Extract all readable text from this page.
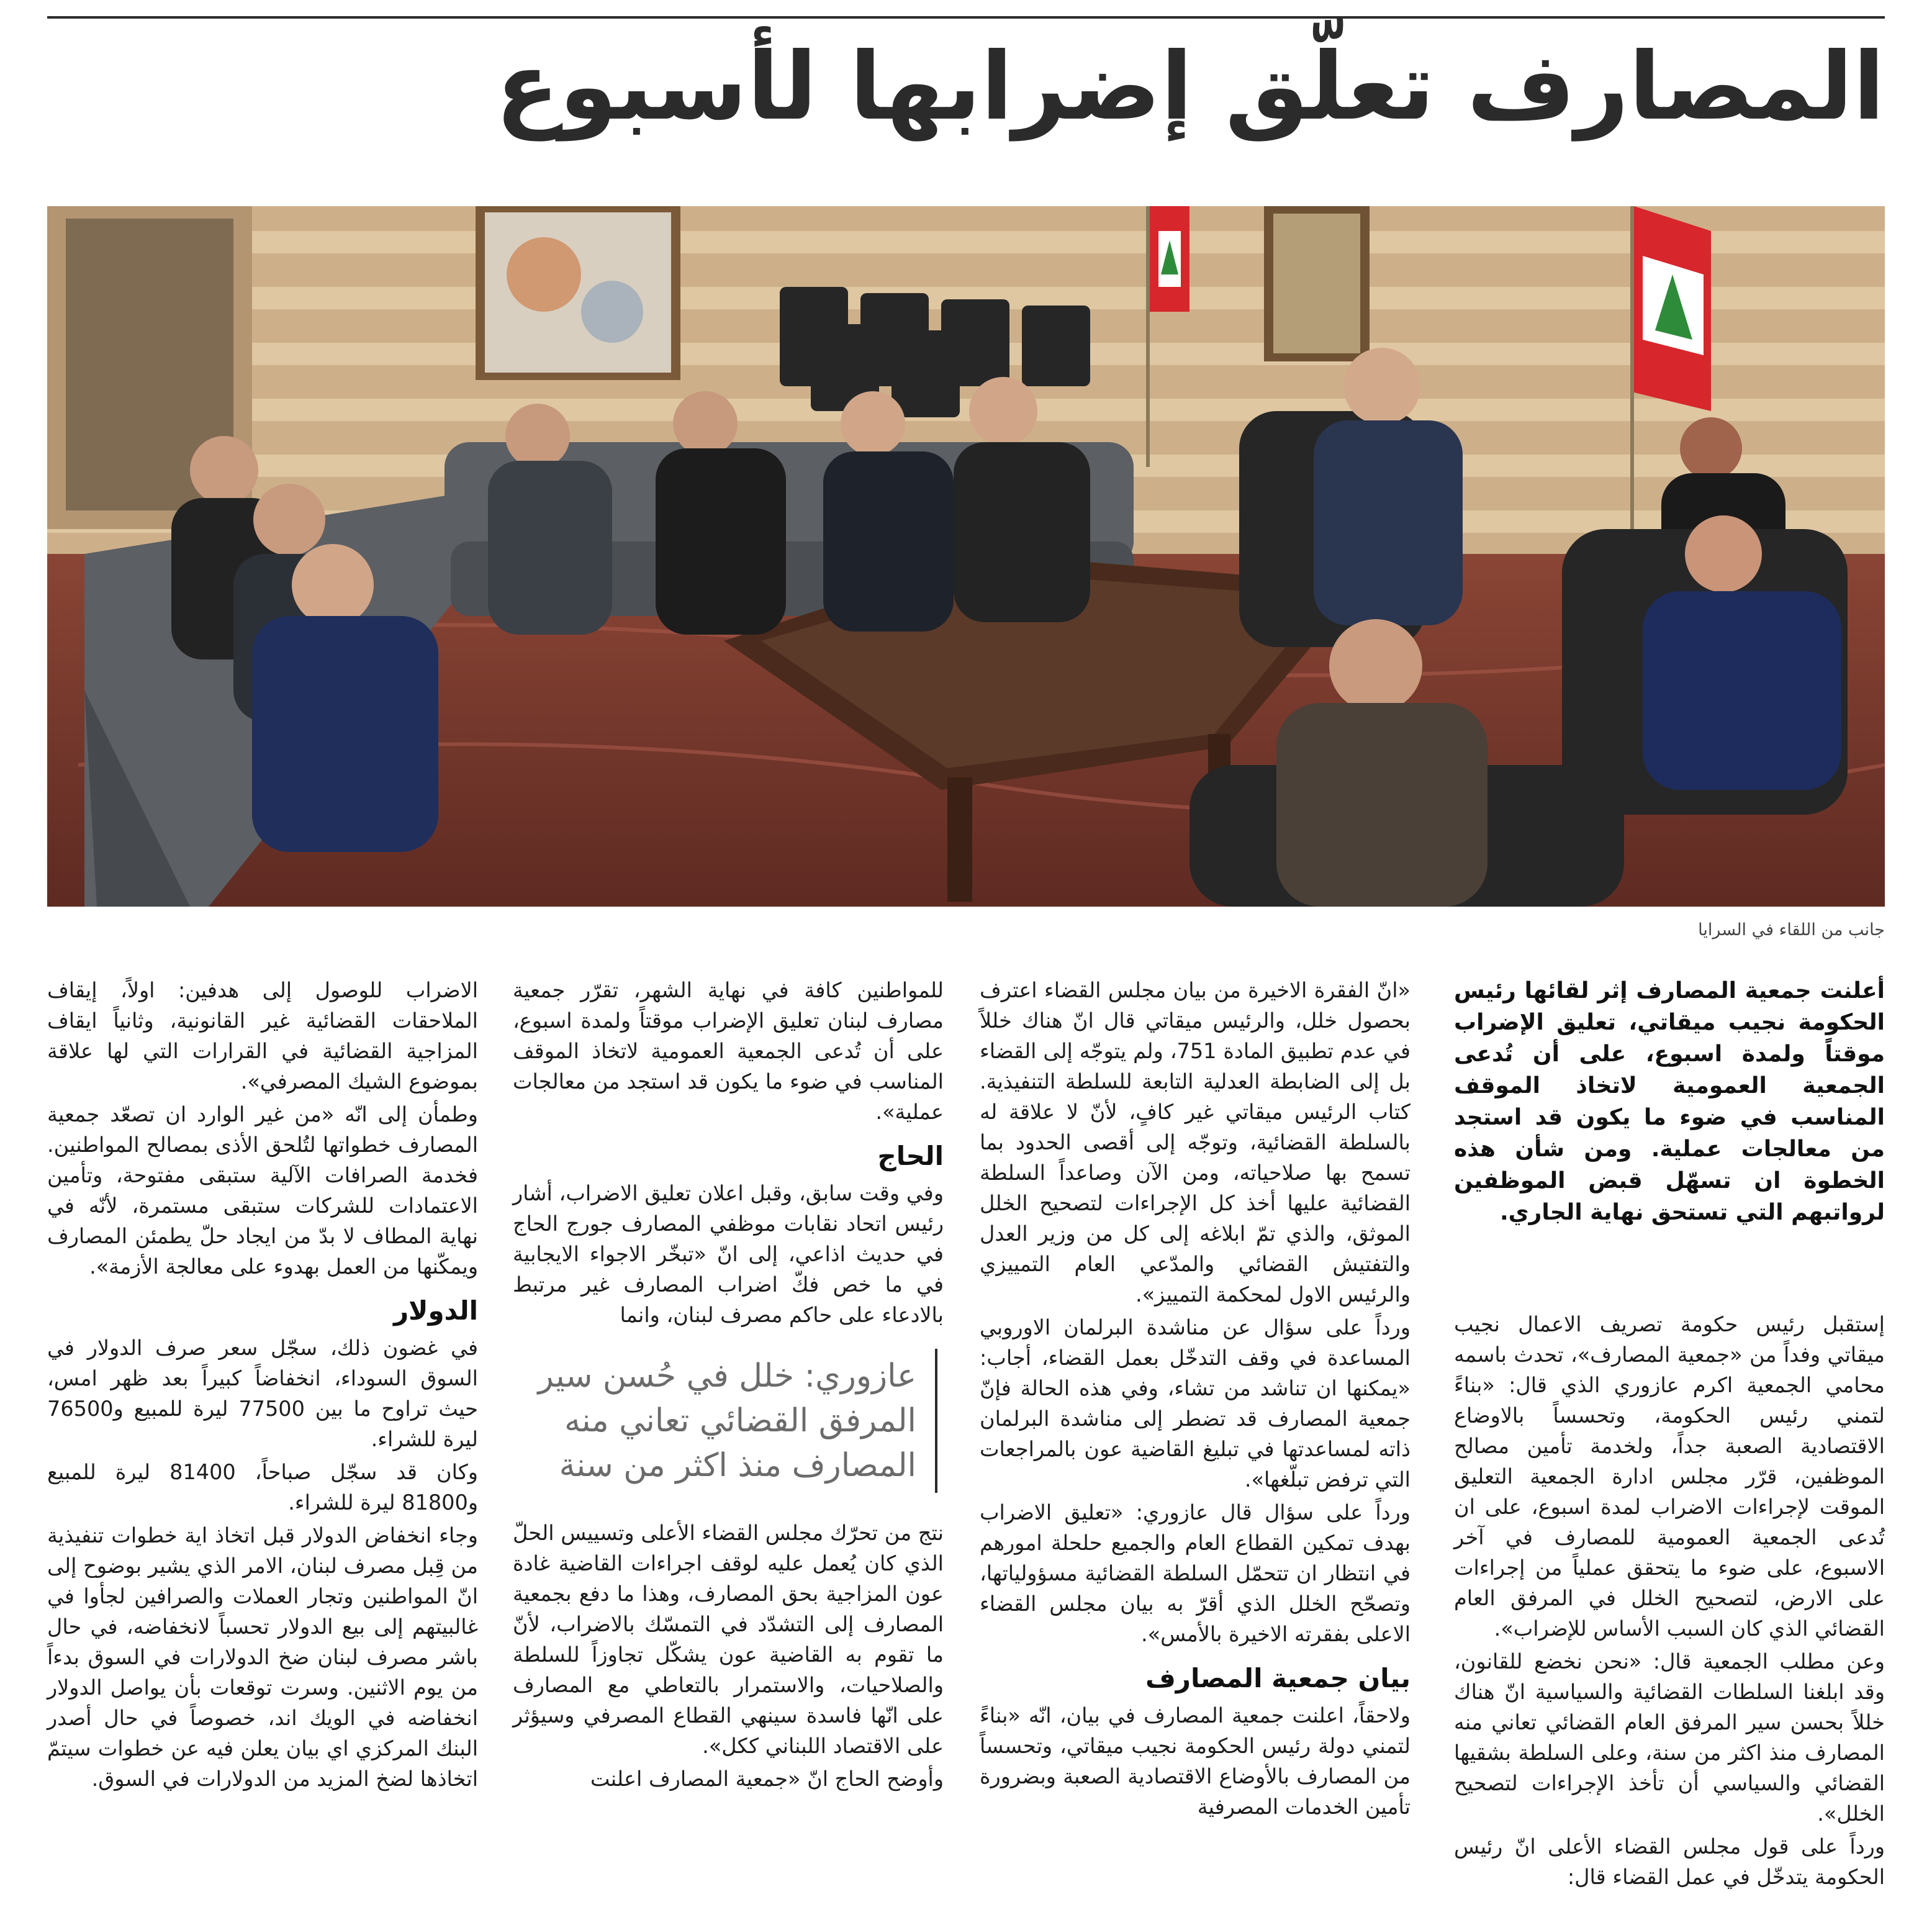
المصارف تعلّق إضرابها لأسبوع
جانب من اللقاء في السرايا

أعلنت جمعية المصارف إثر لقائها رئيس الحكومة نجيب ميقاتي، تعليق الإضراب موقتاً ولمدة اسبوع، على أن تُدعى الجمعية العمومية لاتخاذ الموقف المناسب في ضوء ما يكون قد استجد من معالجات عملية. ومن شأن هذه الخطوة ان تسهّل قبض الموظفين لرواتبهم التي تستحق نهاية الجاري.

إستقبل رئيس حكومة تصريف الاعمال نجيب ميقاتي وفداً من «جمعية المصارف»، تحدث باسمه محامي الجمعية اكرم عازوري الذي قال: «بناءً لتمني رئيس الحكومة، وتحسساً بالاوضاع الاقتصادية الصعبة جداً، ولخدمة تأمين مصالح الموظفين، قرّر مجلس ادارة الجمعية التعليق الموقت لإجراءات الاضراب لمدة اسبوع، على ان تُدعى الجمعية العمومية للمصارف في آخر الاسبوع، على ضوء ما يتحقق عملياً من إجراءات على الارض، لتصحيح الخلل في المرفق العام القضائي الذي كان السبب الأساس للإضراب».

وعن مطلب الجمعية قال: «نحن نخضع للقانون، وقد ابلغنا السلطات القضائية والسياسية انّ هناك خللاً بحسن سير المرفق العام القضائي تعاني منه المصارف منذ اكثر من سنة، وعلى السلطة بشقيها القضائي والسياسي أن تأخذ الإجراءات لتصحيح الخلل».

ورداً على قول مجلس القضاء الأعلى انّ رئيس الحكومة يتدخّل في عمل القضاء قال:

«انّ الفقرة الاخيرة من بيان مجلس القضاء اعترف بحصول خلل، والرئيس ميقاتي قال انّ هناك خللاً في عدم تطبيق المادة 751، ولم يتوجّه إلى القضاء بل إلى الضابطة العدلية التابعة للسلطة التنفيذية. كتاب الرئيس ميقاتي غير كافٍ، لأنّ لا علاقة له بالسلطة القضائية، وتوجّه إلى أقصى الحدود بما تسمح بها صلاحياته، ومن الآن وصاعداً السلطة القضائية عليها أخذ كل الإجراءات لتصحيح الخلل الموثق، والذي تمّ ابلاغه إلى كل من وزير العدل والتفتيش القضائي والمدّعي العام التمييزي والرئيس الاول لمحكمة التمييز».

ورداً على سؤال عن مناشدة البرلمان الاوروبي المساعدة في وقف التدخّل بعمل القضاء، أجاب: «يمكنها ان تناشد من تشاء، وفي هذه الحالة فإنّ جمعية المصارف قد تضطر إلى مناشدة البرلمان ذاته لمساعدتها في تبليغ القاضية عون بالمراجعات التي ترفض تبلّغها».

ورداً على سؤال قال عازوري: «تعليق الاضراب بهدف تمكين القطاع العام والجميع حلحلة امورهم في انتظار ان تتحمّل السلطة القضائية مسؤولياتها، وتصحّح الخلل الذي أقرّ به بيان مجلس القضاء الاعلى بفقرته الاخيرة بالأمس».

بيان جمعية المصارف

ولاحقاً، اعلنت جمعية المصارف في بيان، انّه «بناءً لتمني دولة رئيس الحكومة نجيب ميقاتي، وتحسساً من المصارف بالأوضاع الاقتصادية الصعبة وبضرورة تأمين الخدمات المصرفية

للمواطنين كافة في نهاية الشهر، تقرّر جمعية مصارف لبنان تعليق الإضراب موقتاً ولمدة اسبوع، على أن تُدعى الجمعية العمومية لاتخاذ الموقف المناسب في ضوء ما يكون قد استجد من معالجات عملية».

الحاج

وفي وقت سابق، وقبل اعلان تعليق الاضراب، أشار رئيس اتحاد نقابات موظفي المصارف جورج الحاج في حديث اذاعي، إلى انّ «تبخّر الاجواء الايجابية في ما خص فكّ اضراب المصارف غير مرتبط بالادعاء على حاكم مصرف لبنان، وانما

عازوري: خلل في حُسن سير المرفق القضائي تعاني منه المصارف منذ اكثر من سنة

نتج من تحرّك مجلس القضاء الأعلى وتسييس الحلّ الذي كان يُعمل عليه لوقف اجراءات القاضية غادة عون المزاجية بحق المصارف، وهذا ما دفع بجمعية المصارف إلى التشدّد في التمسّك بالاضراب، لأنّ ما تقوم به القاضية عون يشكّل تجاوزاً للسلطة والصلاحيات، والاستمرار بالتعاطي مع المصارف على انّها فاسدة سينهي القطاع المصرفي وسيؤثر على الاقتصاد اللبناني ككل».

وأوضح الحاج انّ «جمعية المصارف اعلنت

الاضراب للوصول إلى هدفين: اولاً، إيقاف الملاحقات القضائية غير القانونية، وثانياً ايقاف المزاجية القضائية في القرارات التي لها علاقة بموضوع الشيك المصرفي».

وطمأن إلى انّه «من غير الوارد ان تصعّد جمعية المصارف خطواتها لتُلحق الأذى بمصالح المواطنين. فخدمة الصرافات الآلية ستبقى مفتوحة، وتأمين الاعتمادات للشركات ستبقى مستمرة، لأنّه في نهاية المطاف لا بدّ من ايجاد حلّ يطمئن المصارف ويمكّنها من العمل بهدوء على معالجة الأزمة».

الدولار

في غضون ذلك، سجّل سعر صرف الدولار في السوق السوداء، انخفاضاً كبيراً بعد ظهر امس، حيث تراوح ما بين 77500 ليرة للمبيع و76500 ليرة للشراء.

وكان قد سجّل صباحاً، 81400 ليرة للمبيع و81800 ليرة للشراء.

وجاء انخفاض الدولار قبل اتخاذ اية خطوات تنفيذية من قِبل مصرف لبنان، الامر الذي يشير بوضوح إلى انّ المواطنين وتجار العملات والصرافين لجأوا في غالبيتهم إلى بيع الدولار تحسباً لانخفاضه، في حال باشر مصرف لبنان ضخ الدولارات في السوق بدءاً من يوم الاثنين. وسرت توقعات بأن يواصل الدولار انخفاضه في الويك اند، خصوصاً في حال أصدر البنك المركزي اي بيان يعلن فيه عن خطوات سيتمّ اتخاذها لضخ المزيد من الدولارات في السوق.
